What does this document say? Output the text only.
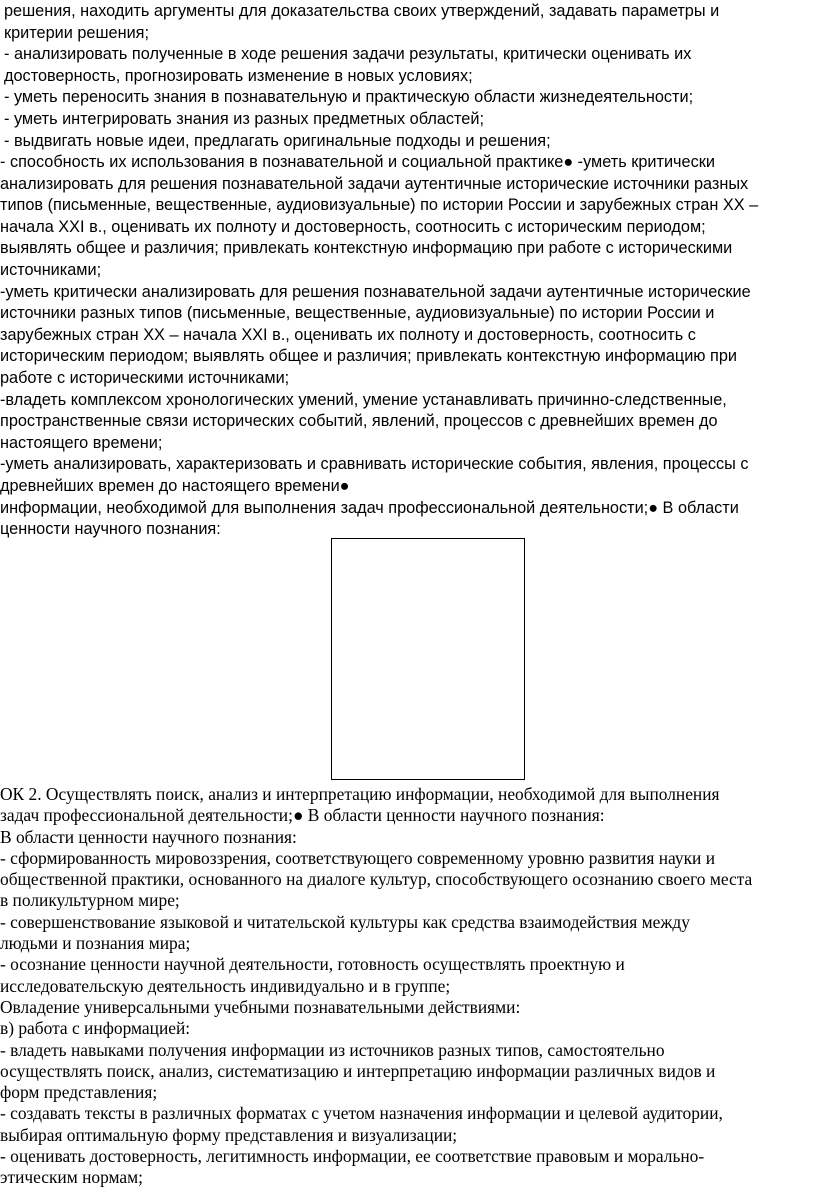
решения, находить аргументы для доказательства своих утверждений, задавать параметры и

критерии решения;

- анализировать полученные в ходе решения задачи результаты, критически оценивать их

достоверность, прогнозировать изменение в новых условиях;

- уметь переносить знания в познавательную и практическую области жизнедеятельности;

- уметь интегрировать знания из разных предметных областей;

- выдвигать новые идеи, предлагать оригинальные подходы и решения;

- способность их использования в познавательной и социальной практике● -уметь критически

анализировать для решения познавательной задачи аутентичные исторические источники разных

типов (письменные, вещественные, аудиовизуальные) по истории России и зарубежных стран XX –

начала XXI в., оценивать их полноту и достоверность, соотносить с историческим периодом;

выявлять общее и различия; привлекать контекстную информацию при работе с историческими

источниками;

-уметь критически анализировать для решения познавательной задачи аутентичные исторические

источники разных типов (письменные, вещественные, аудиовизуальные) по истории России и

зарубежных стран XX – начала XXI в., оценивать их полноту и достоверность, соотносить с

историческим периодом; выявлять общее и различия; привлекать контекстную информацию при

работе с историческими источниками;

-владеть комплексом хронологических умений, умение устанавливать причинно-следственные,

пространственные связи исторических событий, явлений, процессов с древнейших времен до

настоящего времени;

-уметь анализировать, характеризовать и сравнивать исторические события, явления, процессы с

древнейших времен до настоящего времени●

информации, необходимой для выполнения задач профессиональной деятельности;● В области

ценности научного познания:

ОК 2. Осуществлять поиск, анализ и интерпретацию информации, необходимой для выполнения

задач профессиональной деятельности;● В области ценности научного познания:

В области ценности научного познания:

- сформированность мировоззрения, соответствующего современному уровню развития науки и

общественной практики, основанного на диалоге культур, способствующего осознанию своего места

в поликультурном мире;

- совершенствование языковой и читательской культуры как средства взаимодействия между

людьми и познания мира;

- осознание ценности научной деятельности, готовность осуществлять проектную и

исследовательскую деятельность индивидуально и в группе;

Овладение универсальными учебными познавательными действиями:

в) работа с информацией:

- владеть навыками получения информации из источников разных типов, самостоятельно

осуществлять поиск, анализ, систематизацию и интерпретацию информации различных видов и

форм представления;

- создавать тексты в различных форматах с учетом назначения информации и целевой аудитории,

выбирая оптимальную форму представления и визуализации;

- оценивать достоверность, легитимность информации, ее соответствие правовым и морально-

этическим нормам;
